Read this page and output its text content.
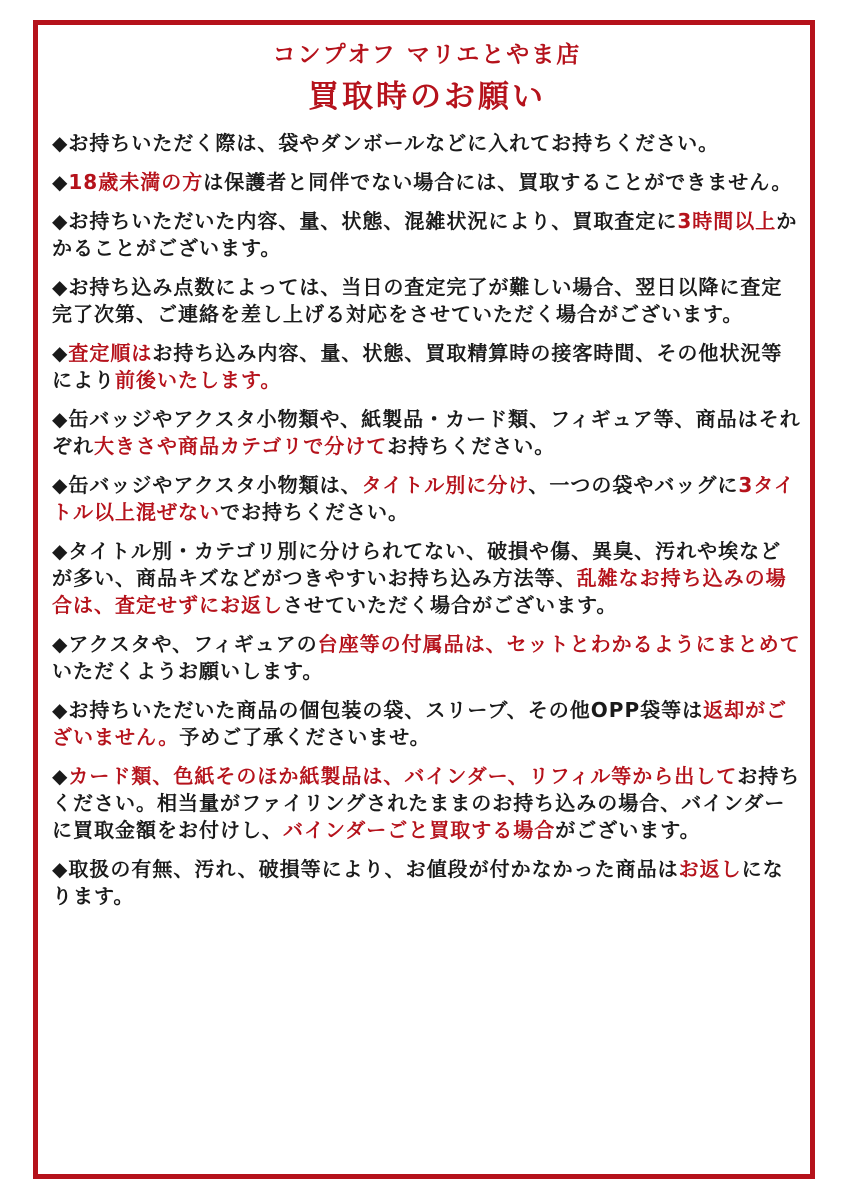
コンプオフ マリエとやま店
買取時のお願い
◆お持ちいただく際は、袋やダンボールなどに入れてお持ちください。
◆18歳未満の方は保護者と同伴でない場合には、買取することができません。
◆お持ちいただいた内容、量、状態、混雑状況により、買取査定に3時間以上かかることがございます。
◆お持ち込み点数によっては、当日の査定完了が難しい場合、翌日以降に査定完了次第、ご連絡を差し上げる対応をさせていただく場合がございます。
◆査定順はお持ち込み内容、量、状態、買取精算時の接客時間、その他状況等により前後いたします。
◆缶バッジやアクスタ小物類や、紙製品・カード類、フィギュア等、商品はそれぞれ大きさや商品カテゴリで分けてお持ちください。
◆缶バッジやアクスタ小物類は、タイトル別に分け、一つの袋やバッグに3タイトル以上混ぜないでお持ちください。
◆タイトル別・カテゴリ別に分けられてない、破損や傷、異臭、汚れや埃などが多い、商品キズなどがつきやすいお持ち込み方法等、乱雑なお持ち込みの場合は、査定せずにお返しさせていただく場合がございます。
◆アクスタや、フィギュアの台座等の付属品は、セットとわかるようにまとめていただくようお願いします。
◆お持ちいただいた商品の個包装の袋、スリーブ、その他OPP袋等は返却がございません。予めご了承くださいませ。
◆カード類、色紙そのほか紙製品は、バインダー、リフィル等から出してお持ちください。相当量がファイリングされたままのお持ち込みの場合、バインダーに買取金額をお付けし、バインダーごと買取する場合がございます。
◆取扱の有無、汚れ、破損等により、お値段が付かなかった商品はお返しになります。
